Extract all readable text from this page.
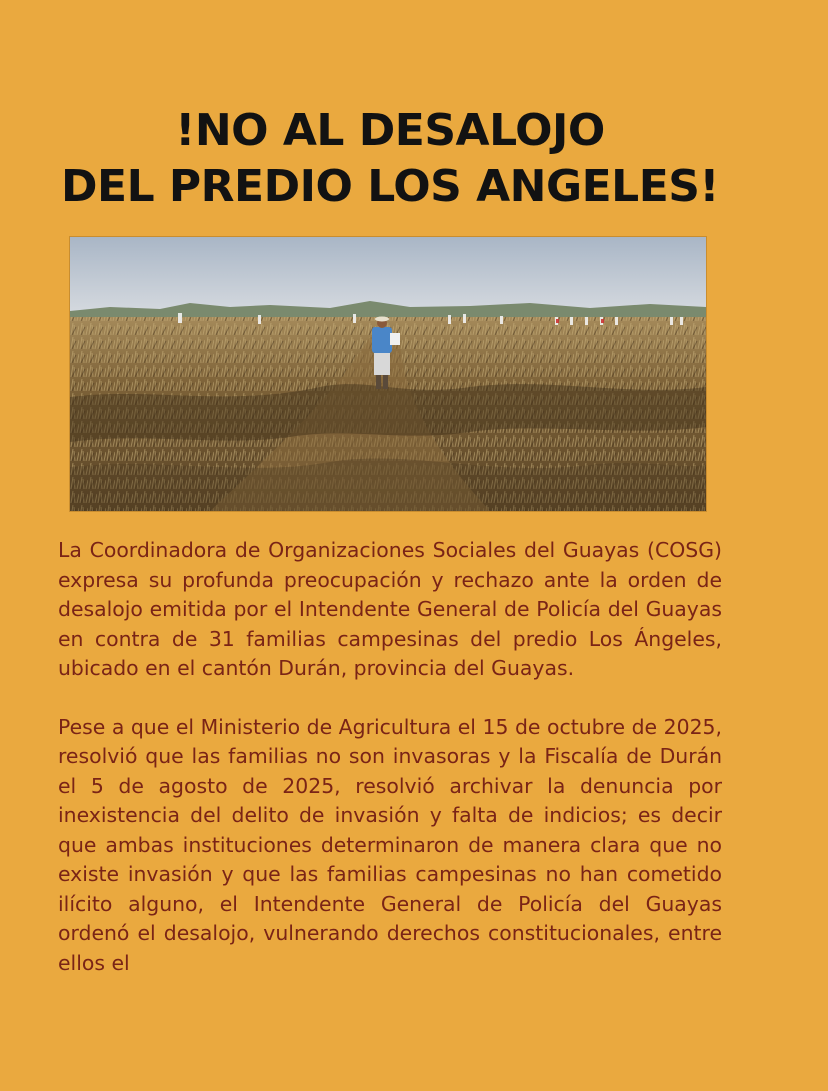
!NO AL DESALOJO
DEL PREDIO LOS ANGELES!

La Coordinadora de Organizaciones Sociales del Guayas (COSG) expresa su profunda preocupación y rechazo ante la orden de desalojo emitida por el Intendente General de Policía del Guayas en contra de 31 familias campesinas del predio Los Ángeles, ubicado en el cantón Durán, provincia del Guayas.

Pese a que el Ministerio de Agricultura el 15 de octubre de 2025, resolvió que las familias no son invasoras y la Fiscalía de Durán el 5 de agosto de 2025, resolvió archivar la denuncia por inexistencia del delito de invasión y falta de indicios; es decir que ambas instituciones determinaron de manera clara que no existe invasión y que las familias campesinas no han cometido ilícito alguno, el Intendente General de Policía del Guayas ordenó el desalojo, vulnerando derechos constitucionales, entre ellos el
